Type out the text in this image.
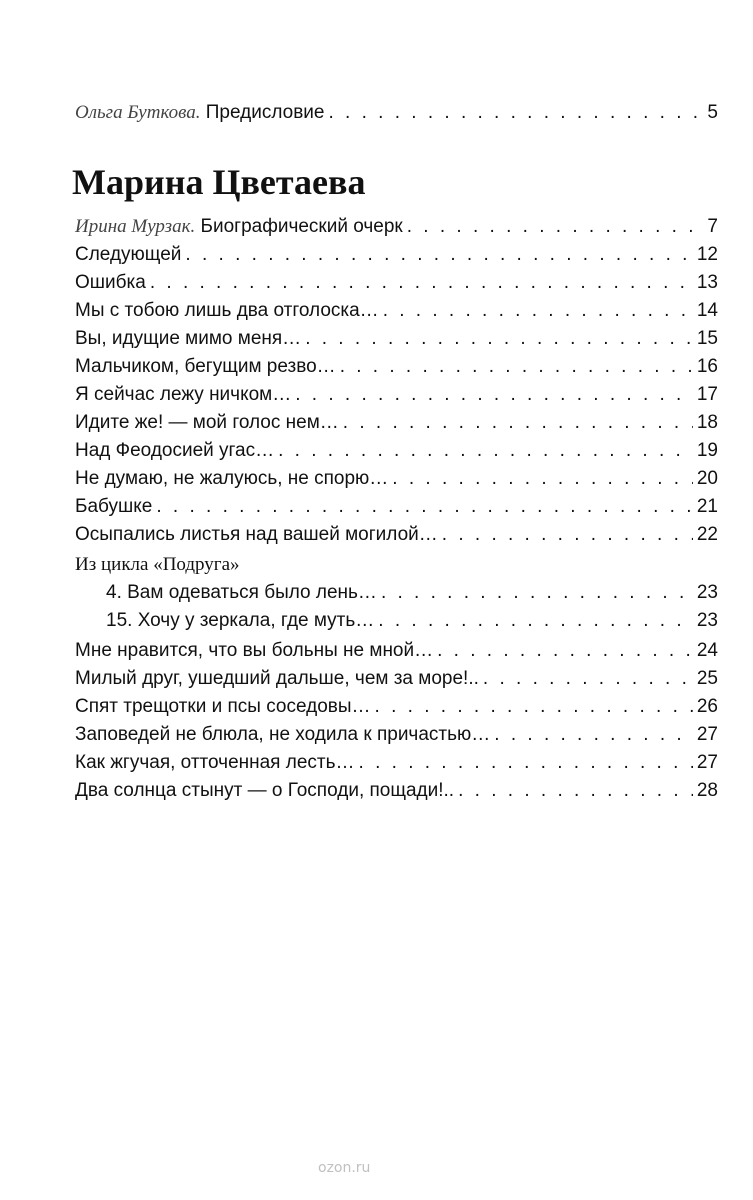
Ольга Буткова. Предисловие . . .	5
Марина Цветаева
Ирина Мурзак. Биографический очерк . . .	7
Следующей . . .	12
Ошибка . . .	13
Мы с тобою лишь два отголоска… . . .	14
Вы, идущие мимо меня… . . .	15
Мальчиком, бегущим резво… . . .	16
Я сейчас лежу ничком… . . .	17
Идите же! — мой голос нем… . . .	18
Над Феодосией угас… . . .	19
Не думаю, не жалуюсь, не спорю… . . .	20
Бабушке . . .	21
Осыпались листья над вашей могилой… . . .	22
Из цикла «Подруга»
4. Вам одеваться было лень… . . .	23
15. Хочу у зеркала, где муть… . . .	23
Мне нравится, что вы больны не мной… . . .	24
Милый друг, ушедший дальше, чем за море!.. . . .	25
Спят трещотки и псы соседовы… . . .	26
Заповедей не блюла, не ходила к причастью… . . .	27
Как жгучая, отточенная лесть… . . .	27
Два солнца стынут — о Господи, пощади!.. . . .	28
ozon.ru
